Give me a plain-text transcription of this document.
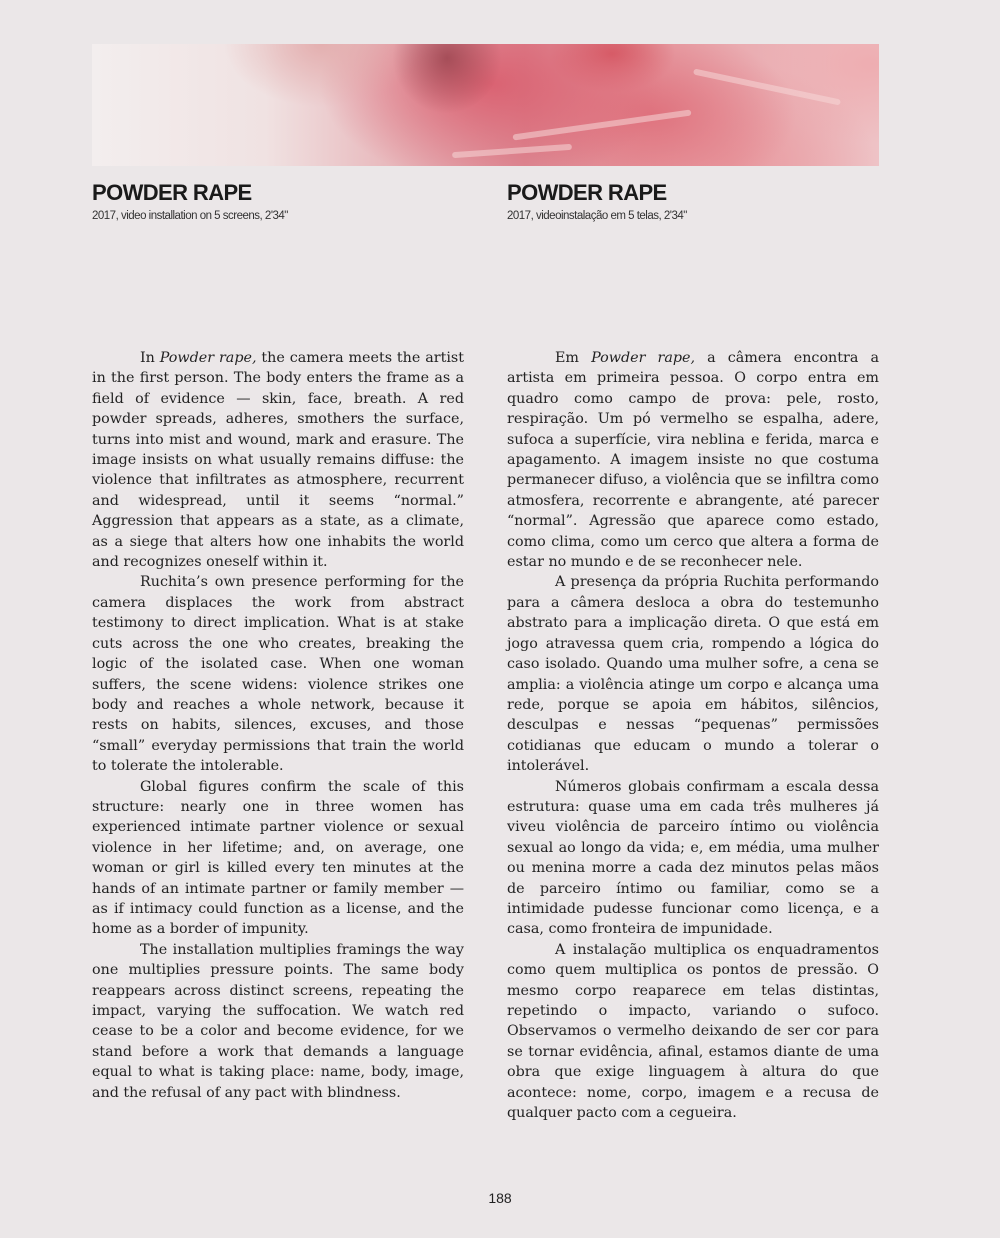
POWDER RAPE
2017, video installation on 5 screens, 2'34"

In Powder rape, the camera meets the artist in the first person. The body enters the frame as a field of evidence — skin, face, breath. A red powder spreads, adheres, smothers the surface, turns into mist and wound, mark and erasure. The image insists on what usually remains diffuse: the violence that infiltrates as atmosphere, recurrent and widespread, until it seems “normal.” Aggression that appears as a state, as a climate, as a siege that alters how one inhabits the world and recognizes oneself within it.

Ruchita’s own presence performing for the camera displaces the work from abstract testimony to direct implication. What is at stake cuts across the one who creates, breaking the logic of the isolated case. When one woman suffers, the scene widens: violence strikes one body and reaches a whole network, because it rests on habits, silences, excuses, and those “small” everyday permissions that train the world to tolerate the intolerable.

Global figures confirm the scale of this structure: nearly one in three women has experienced intimate partner violence or sexual violence in her lifetime; and, on average, one woman or girl is killed every ten minutes at the hands of an intimate partner or family member — as if intimacy could function as a license, and the home as a border of impunity.

The installation multiplies framings the way one multiplies pressure points. The same body reappears across distinct screens, repeating the impact, varying the suffocation. We watch red cease to be a color and become evidence, for we stand before a work that demands a language equal to what is taking place: name, body, image, and the refusal of any pact with blindness.

POWDER RAPE
2017, videoinstalação em 5 telas, 2'34"

Em Powder rape, a câmera encontra a artista em primeira pessoa. O corpo entra em quadro como campo de prova: pele, rosto, respiração. Um pó vermelho se espalha, adere, sufoca a superfície, vira neblina e ferida, marca e apagamento. A imagem insiste no que costuma permanecer difuso, a violência que se infiltra como atmosfera, recorrente e abrangente, até parecer “normal”. Agressão que aparece como estado, como clima, como um cerco que altera a forma de estar no mundo e de se reconhecer nele.

A presença da própria Ruchita performando para a câmera desloca a obra do testemunho abstrato para a implicação direta. O que está em jogo atravessa quem cria, rompendo a lógica do caso isolado. Quando uma mulher sofre, a cena se amplia: a violência atinge um corpo e alcança uma rede, porque se apoia em hábitos, silêncios, desculpas e nessas “pequenas” permissões cotidianas que educam o mundo a tolerar o intolerável.

Números globais confirmam a escala dessa estrutura: quase uma em cada três mulheres já viveu violência de parceiro íntimo ou violência sexual ao longo da vida; e, em média, uma mulher ou menina morre a cada dez minutos pelas mãos de parceiro íntimo ou familiar, como se a intimidade pudesse funcionar como licença, e a casa, como fronteira de impunidade.

A instalação multiplica os enquadramentos como quem multiplica os pontos de pressão. O mesmo corpo reaparece em telas distintas, repetindo o impacto, variando o sufoco. Observamos o vermelho deixando de ser cor para se tornar evidência, afinal, estamos diante de uma obra que exige linguagem à altura do que acontece: nome, corpo, imagem e a recusa de qualquer pacto com a cegueira.

188
